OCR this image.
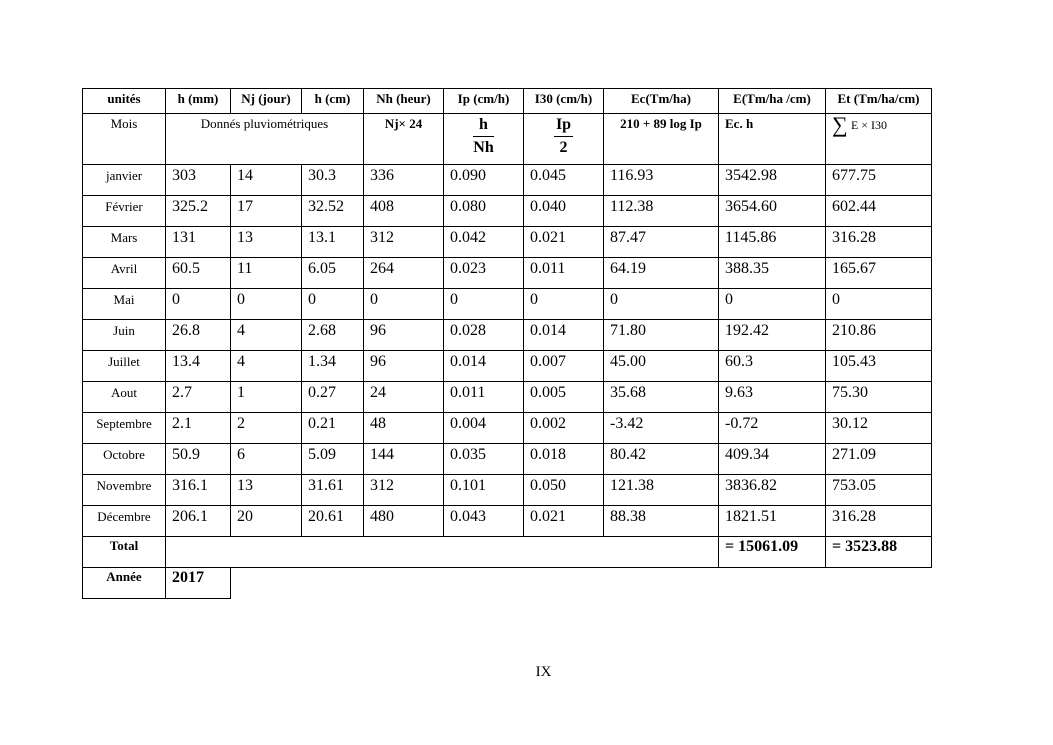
unités	h (mm)	Nj (jour)	h (cm)	Nh (heur)	Ip (cm/h)	I30 (cm/h)	Ec(Tm/ha)	E(Tm/ha /cm)	Et (Tm/ha/cm)
Mois	Donnés pluviométriques			Nj× 24	$\frac{h}{Nh}$	$\frac{Ip}{2}$	210 + 89 log Ip	Ec. h	∑ E × I30
janvier	303	14	30.3	336	0.090	0.045	116.93	3542.98	677.75
Février	325.2	17	32.52	408	0.080	0.040	112.38	3654.60	602.44
Mars	131	13	13.1	312	0.042	0.021	87.47	1145.86	316.28
Avril	60.5	11	6.05	264	0.023	0.011	64.19	388.35	165.67
Mai	0	0	0	0	0	0	0	0	0
Juin	26.8	4	2.68	96	0.028	0.014	71.80	192.42	210.86
Juillet	13.4	4	1.34	96	0.014	0.007	45.00	60.3	105.43
Aout	2.7	1	0.27	24	0.011	0.005	35.68	9.63	75.30
Septembre	2.1	2	0.21	48	0.004	0.002	-3.42	-0.72	30.12
Octobre	50.9	6	5.09	144	0.035	0.018	80.42	409.34	271.09
Novembre	316.1	13	31.61	312	0.101	0.050	121.38	3836.82	753.05
Décembre	206.1	20	20.61	480	0.043	0.021	88.38	1821.51	316.28
Total								= 15061.09	= 3523.88
Année	2017								
IX
